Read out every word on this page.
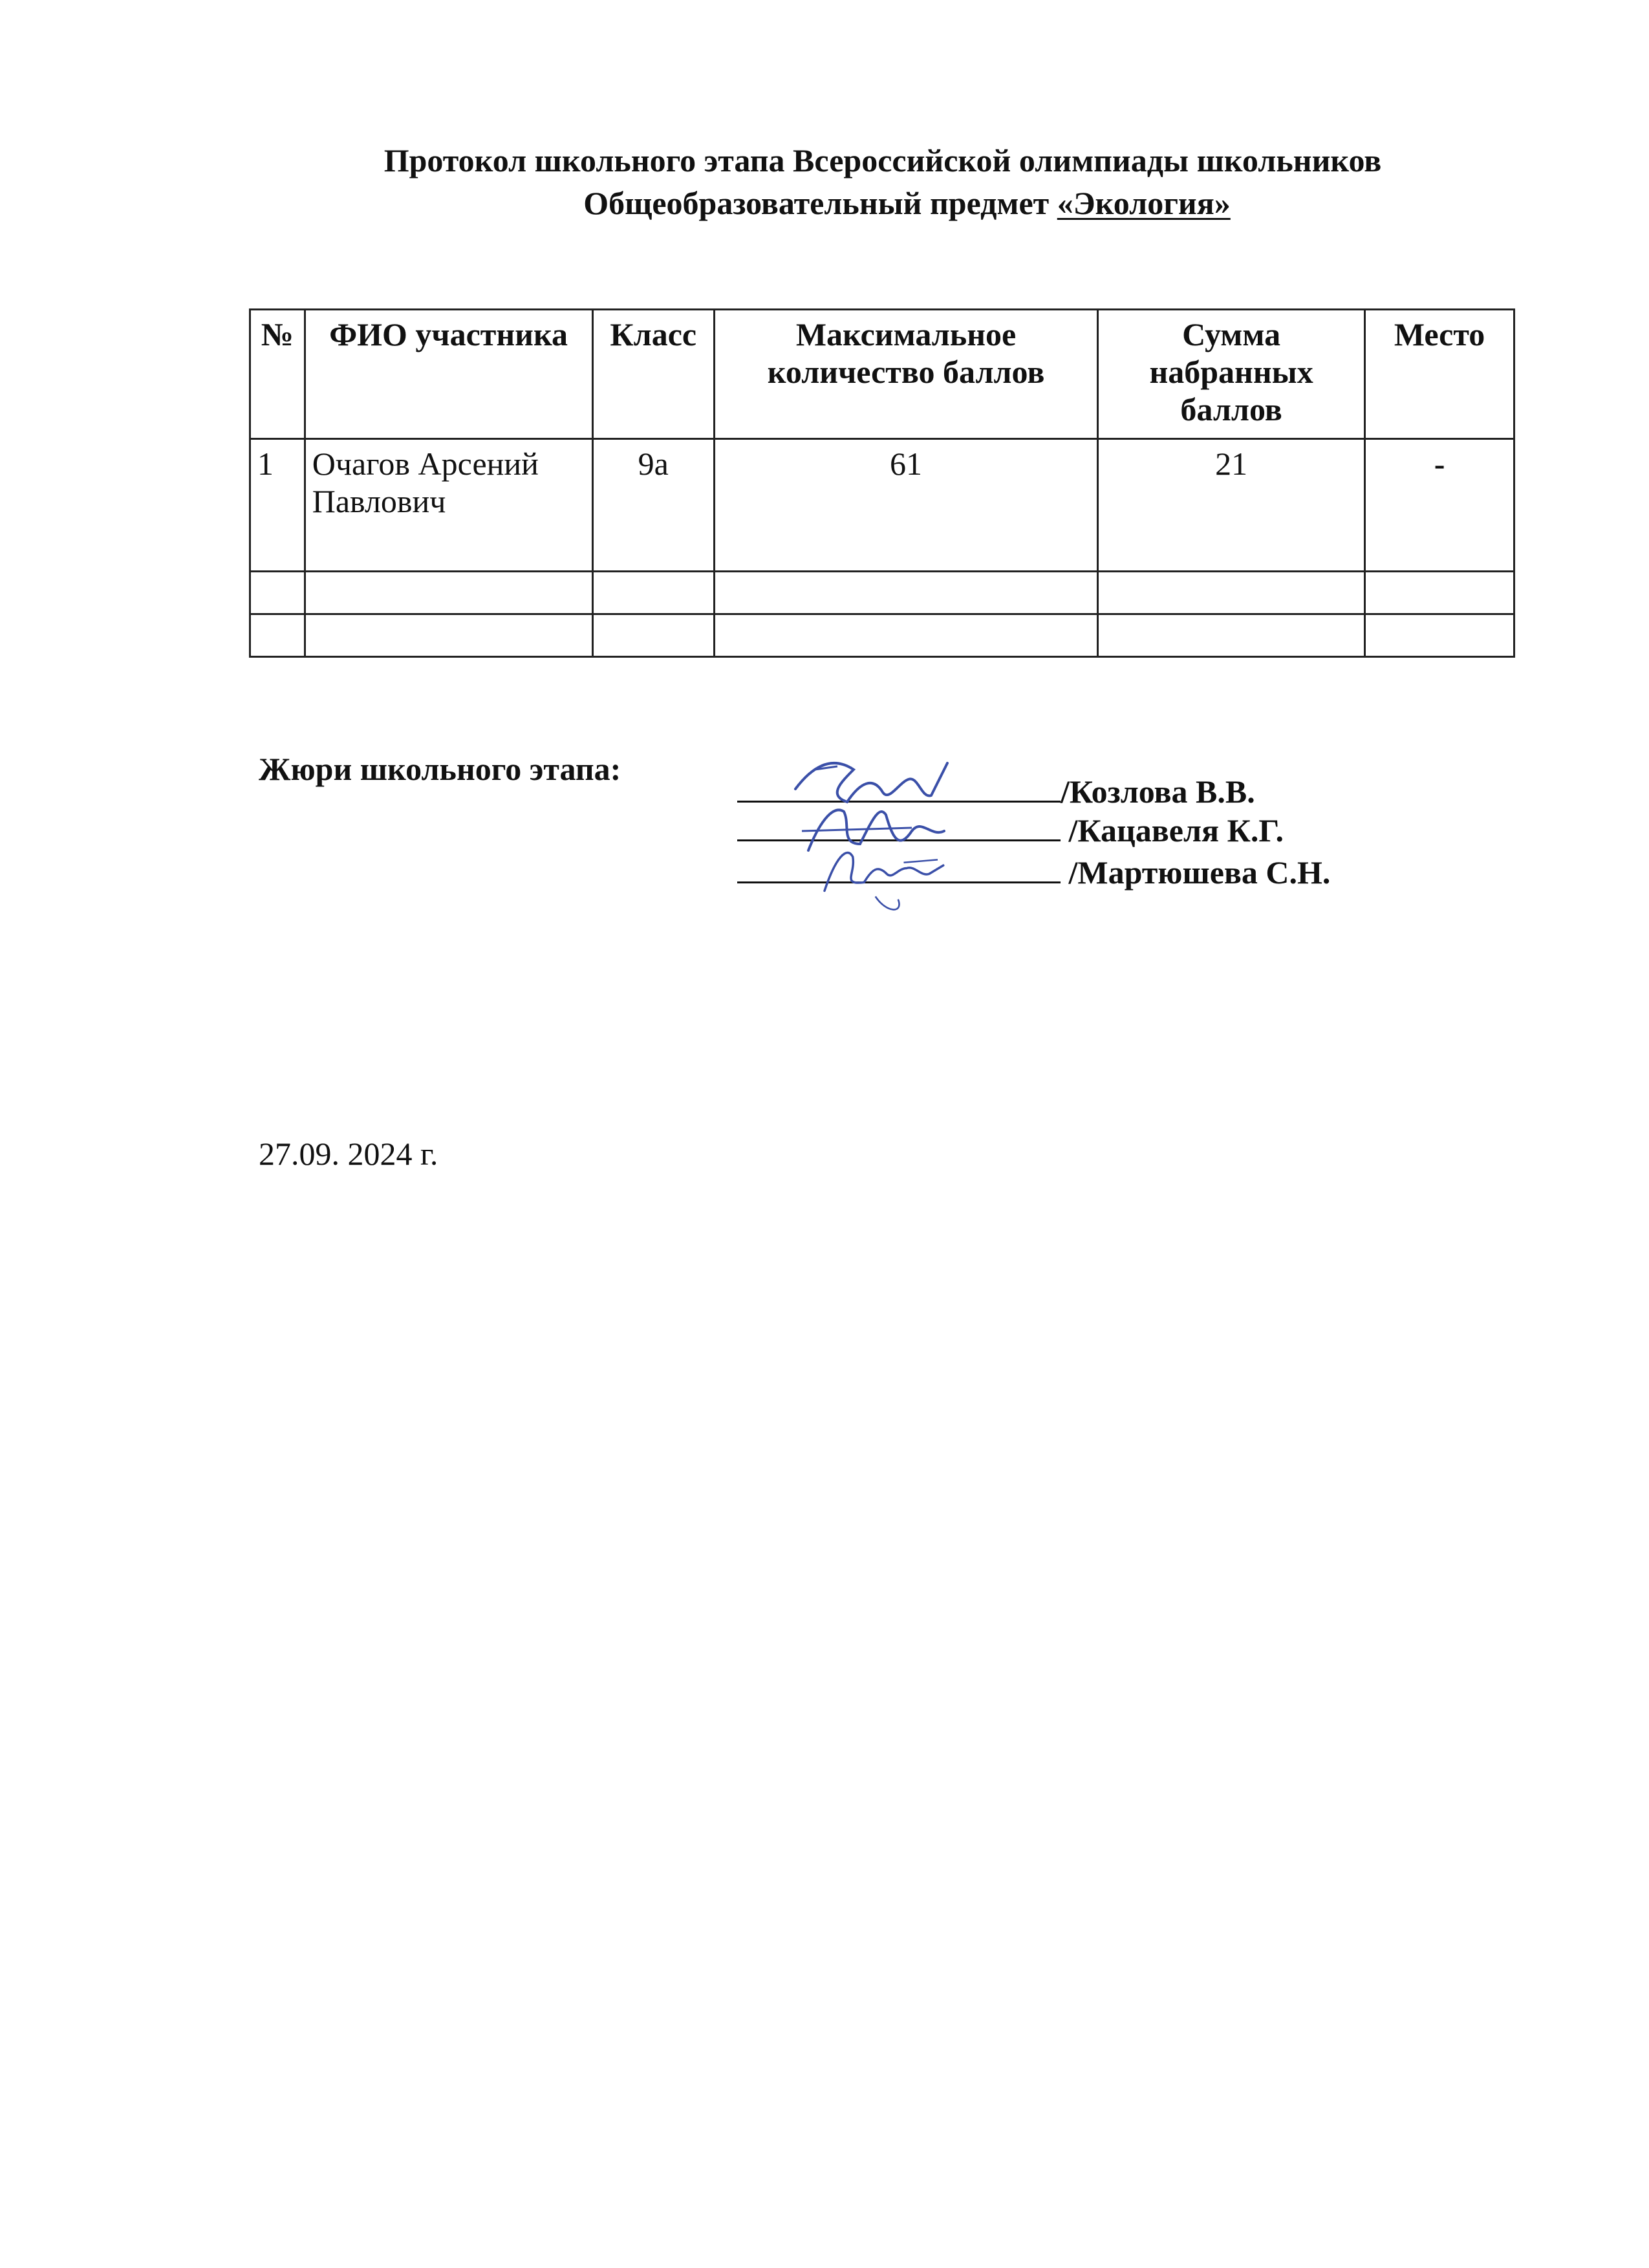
Протокол школьного этапа Всероссийской олимпиады школьников
Общеобразовательный предмет «Экология»
№	ФИО участника	Класс	Максимальное количество баллов	Сумма набранных баллов	Место
1	Очагов Арсений Павлович	9а	61	21	-

Жюри школьного этапа:
/Козлова В.В.
/Кацавеля К.Г.
/Мартюшева С.Н.
27.09. 2024 г.
